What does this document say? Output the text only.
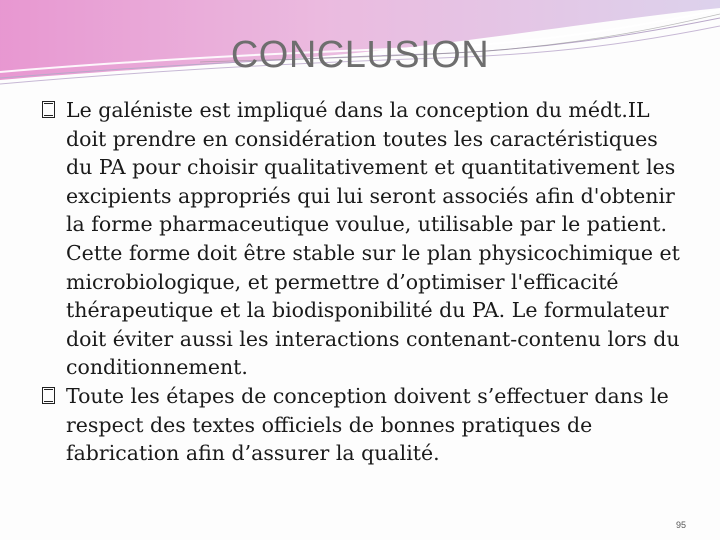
CONCLUSION
Le galéniste est impliqué dans la conception du médt.IL doit prendre en considération toutes les caractéristiques du PA pour choisir qualitativement et quantitativement les excipients appropriés qui lui seront associés afin d'obtenir la forme pharmaceutique voulue, utilisable par le patient. Cette forme doit être stable sur le plan physicochimique et microbiologique, et permettre d’optimiser l'efficacité thérapeutique et la biodisponibilité du PA. Le formulateur doit éviter aussi les interactions contenant-contenu lors du conditionnement.
Toute les étapes de conception doivent s’effectuer dans le respect des textes officiels de bonnes pratiques de fabrication afin d’assurer la qualité.
95
